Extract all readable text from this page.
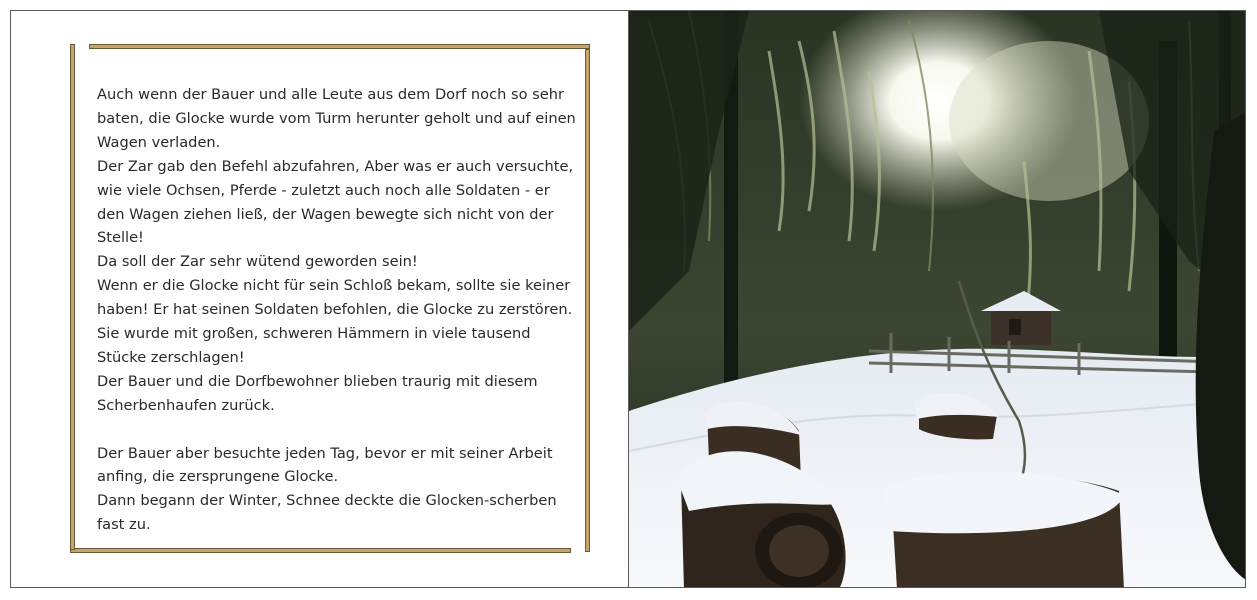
Auch wenn der Bauer und alle Leute aus dem Dorf noch so sehr baten, die Glocke wurde vom Turm herunter geholt und auf einen Wagen verladen.

Der Zar gab den Befehl abzufahren, Aber was er auch versuchte, wie viele Ochsen, Pferde - zuletzt auch noch alle Soldaten - er den Wagen ziehen ließ, der Wagen bewegte sich nicht von der Stelle!

Da soll der Zar sehr wütend geworden sein!

Wenn er die Glocke nicht für sein Schloß bekam, sollte sie keiner haben! Er hat seinen Soldaten befohlen, die Glocke zu zerstören. Sie wurde mit großen, schweren Hämmern in viele tausend Stücke zerschlagen!

Der Bauer und die Dorfbewohner blieben traurig mit diesem Scherbenhaufen zurück.

Der Bauer aber besuchte jeden Tag, bevor er mit seiner Arbeit anfing, die zersprungene Glocke.

Dann begann der Winter, Schnee deckte die Glocken-scherben fast zu.
